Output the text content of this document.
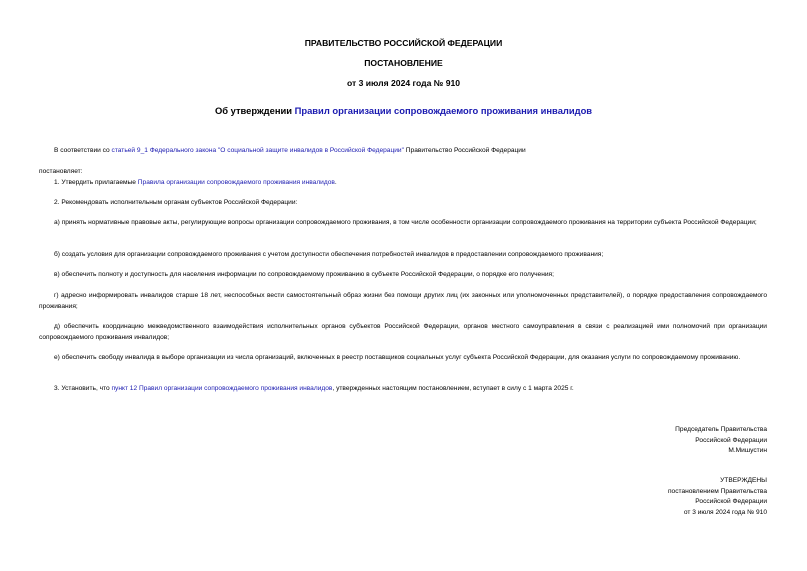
ПРАВИТЕЛЬСТВО РОССИЙСКОЙ ФЕДЕРАЦИИ
ПОСТАНОВЛЕНИЕ
от 3 июля 2024 года № 910
Об утверждении Правил организации сопровождаемого проживания инвалидов
В соответствии со статьей 9_1 Федерального закона "О социальной защите инвалидов в Российской Федерации" Правительство Российской Федерации
постановляет:
1. Утвердить прилагаемые Правила организации сопровождаемого проживания инвалидов.
2. Рекомендовать исполнительным органам субъектов Российской Федерации:
а) принять нормативные правовые акты, регулирующие вопросы организации сопровождаемого проживания, в том числе особенности организации сопровождаемого проживания на территории субъекта Российской Федерации;
б) создать условия для организации сопровождаемого проживания с учетом доступности обеспечения потребностей инвалидов в предоставлении сопровождаемого проживания;
в) обеспечить полноту и доступность для населения информации по сопровождаемому проживанию в субъекте Российской Федерации, о порядке его получения;
г) адресно информировать инвалидов старше 18 лет, неспособных вести самостоятельный образ жизни без помощи других лиц (их законных или уполномоченных представителей), о порядке предоставления сопровождаемого проживания;
д) обеспечить координацию межведомственного взаимодействия исполнительных органов субъектов Российской Федерации, органов местного самоуправления в связи с реализацией ими полномочий при организации сопровождаемого проживания инвалидов;
е) обеспечить свободу инвалида в выборе организации из числа организаций, включенных в реестр поставщиков социальных услуг субъекта Российской Федерации, для оказания услуги по сопровождаемому проживанию.
3. Установить, что пункт 12 Правил организации сопровождаемого проживания инвалидов, утвержденных настоящим постановлением, вступает в силу с 1 марта 2025 г.
Председатель Правительства
Российской Федерации
М.Мишустин
УТВЕРЖДЕНЫ
постановлением Правительства
Российской Федерации
от 3 июля 2024 года № 910
